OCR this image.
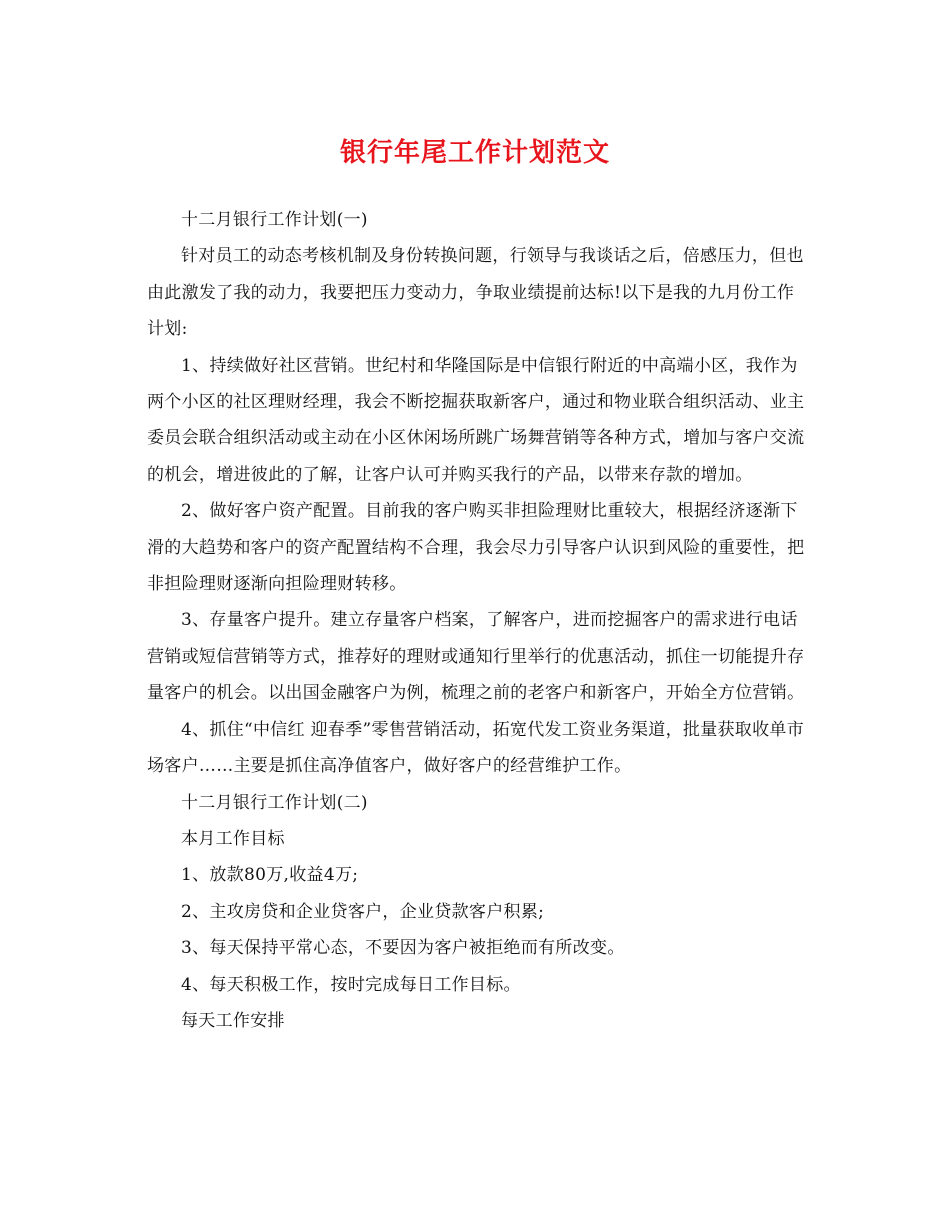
银行年尾工作计划范文

十二月银行工作计划(一)

针对员工的动态考核机制及身份转换问题，行领导与我谈话之后，倍感压力，但也由此激发了我的动力，我要把压力变动力，争取业绩提前达标!以下是我的九月份工作计划:

1、持续做好社区营销。世纪村和华隆国际是中信银行附近的中高端小区，我作为两个小区的社区理财经理，我会不断挖掘获取新客户，通过和物业联合组织活动、业主委员会联合组织活动或主动在小区休闲场所跳广场舞营销等各种方式，增加与客户交流的机会，增进彼此的了解，让客户认可并购买我行的产品，以带来存款的增加。

2、做好客户资产配置。目前我的客户购买非担险理财比重较大，根据经济逐渐下滑的大趋势和客户的资产配置结构不合理，我会尽力引导客户认识到风险的重要性，把非担险理财逐渐向担险理财转移。

3、存量客户提升。建立存量客户档案，了解客户，进而挖掘客户的需求进行电话营销或短信营销等方式，推荐好的理财或通知行里举行的优惠活动，抓住一切能提升存量客户的机会。以出国金融客户为例，梳理之前的老客户和新客户，开始全方位营销。

4、抓住“中信红 迎春季”零售营销活动，拓宽代发工资业务渠道，批量获取收单市场客户……主要是抓住高净值客户，做好客户的经营维护工作。

十二月银行工作计划(二)

本月工作目标

1、放款80万,收益4万;

2、主攻房贷和企业贷客户，企业贷款客户积累;

3、每天保持平常心态，不要因为客户被拒绝而有所改变。

4、每天积极工作，按时完成每日工作目标。

每天工作安排
